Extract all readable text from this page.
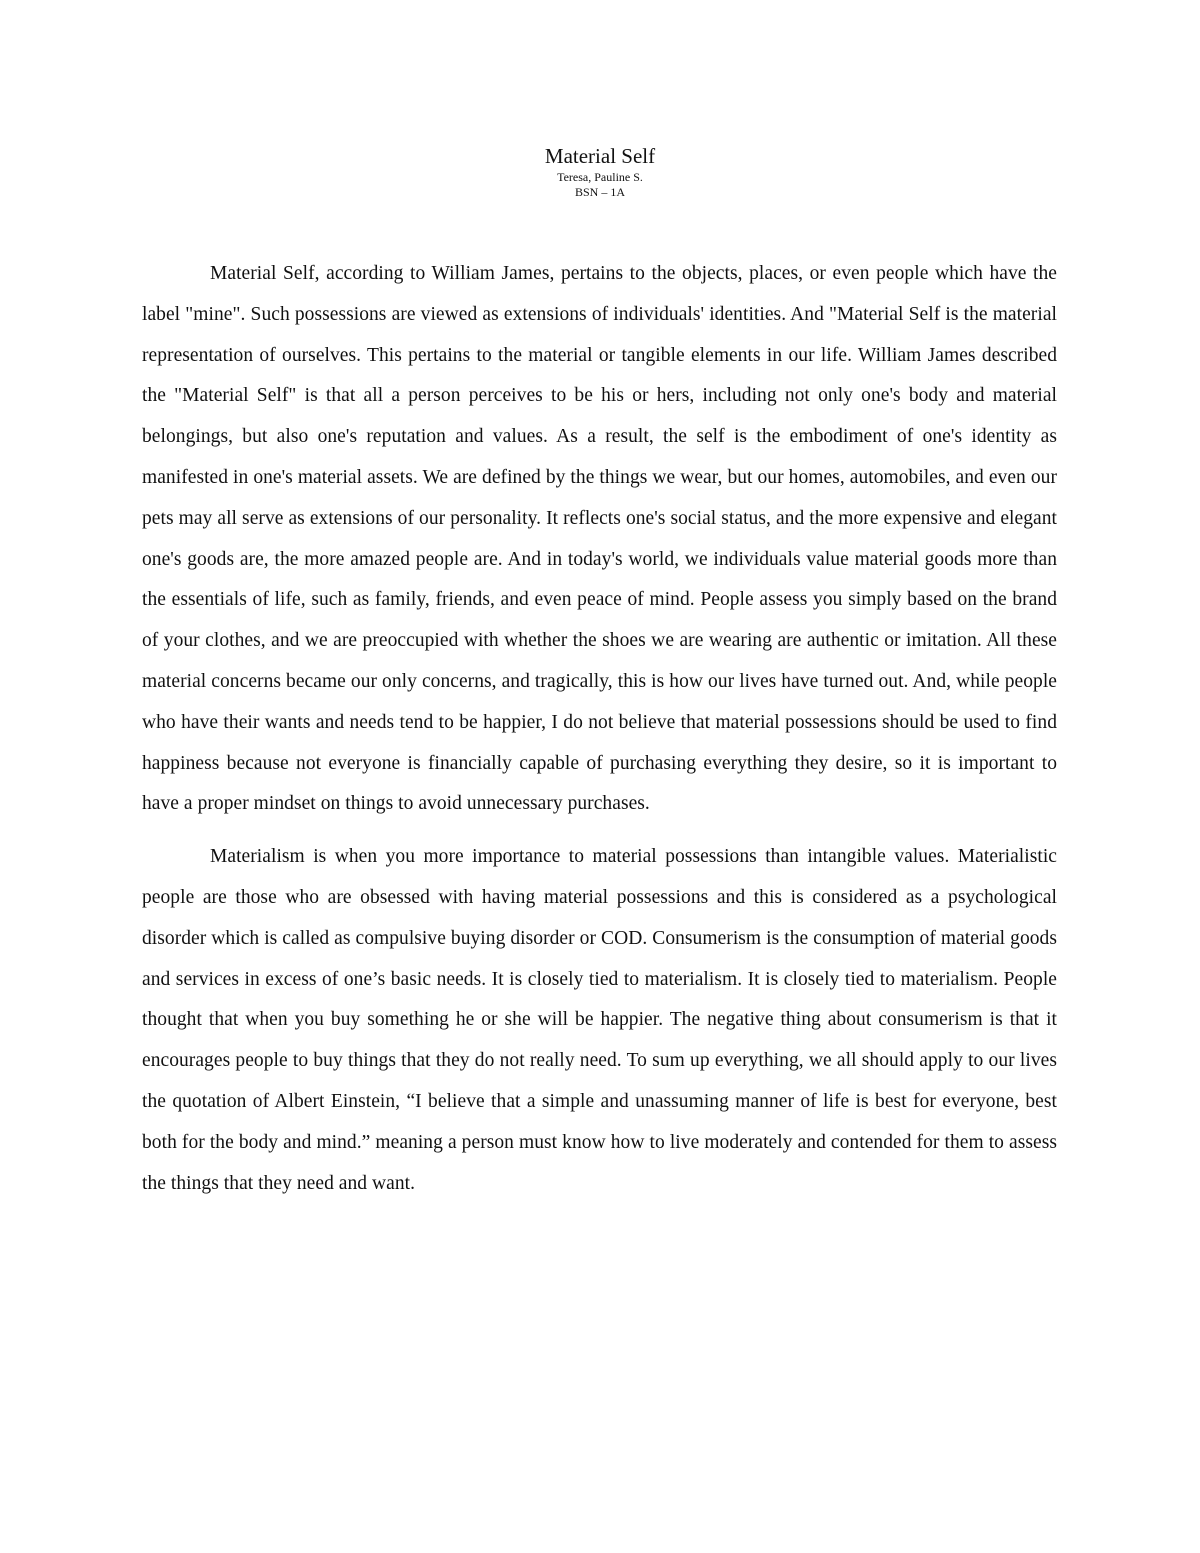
Material Self

Teresa, Pauline S.

BSN – 1A

Material Self, according to William James, pertains to the objects, places, or even people which have the label "mine". Such possessions are viewed as extensions of individuals' identities. And "Material Self is the material representation of ourselves. This pertains to the material or tangible elements in our life. William James described the "Material Self" is that all a person perceives to be his or hers, including not only one's body and material belongings, but also one's reputation and values. As a result, the self is the embodiment of one's identity as manifested in one's material assets. We are defined by the things we wear, but our homes, automobiles, and even our pets may all serve as extensions of our personality. It reflects one's social status, and the more expensive and elegant one's goods are, the more amazed people are. And in today's world, we individuals value material goods more than the essentials of life, such as family, friends, and even peace of mind. People assess you simply based on the brand of your clothes, and we are preoccupied with whether the shoes we are wearing are authentic or imitation. All these material concerns became our only concerns, and tragically, this is how our lives have turned out. And, while people who have their wants and needs tend to be happier, I do not believe that material possessions should be used to find happiness because not everyone is financially capable of purchasing everything they desire, so it is important to have a proper mindset on things to avoid unnecessary purchases.

Materialism is when you more importance to material possessions than intangible values. Materialistic people are those who are obsessed with having material possessions and this is considered as a psychological disorder which is called as compulsive buying disorder or COD. Consumerism is the consumption of material goods and services in excess of one’s basic needs. It is closely tied to materialism. It is closely tied to materialism. People thought that when you buy something he or she will be happier. The negative thing about consumerism is that it encourages people to buy things that they do not really need. To sum up everything, we all should apply to our lives the quotation of Albert Einstein, “I believe that a simple and unassuming manner of life is best for everyone, best both for the body and mind.” meaning a person must know how to live moderately and contended for them to assess the things that they need and want.
